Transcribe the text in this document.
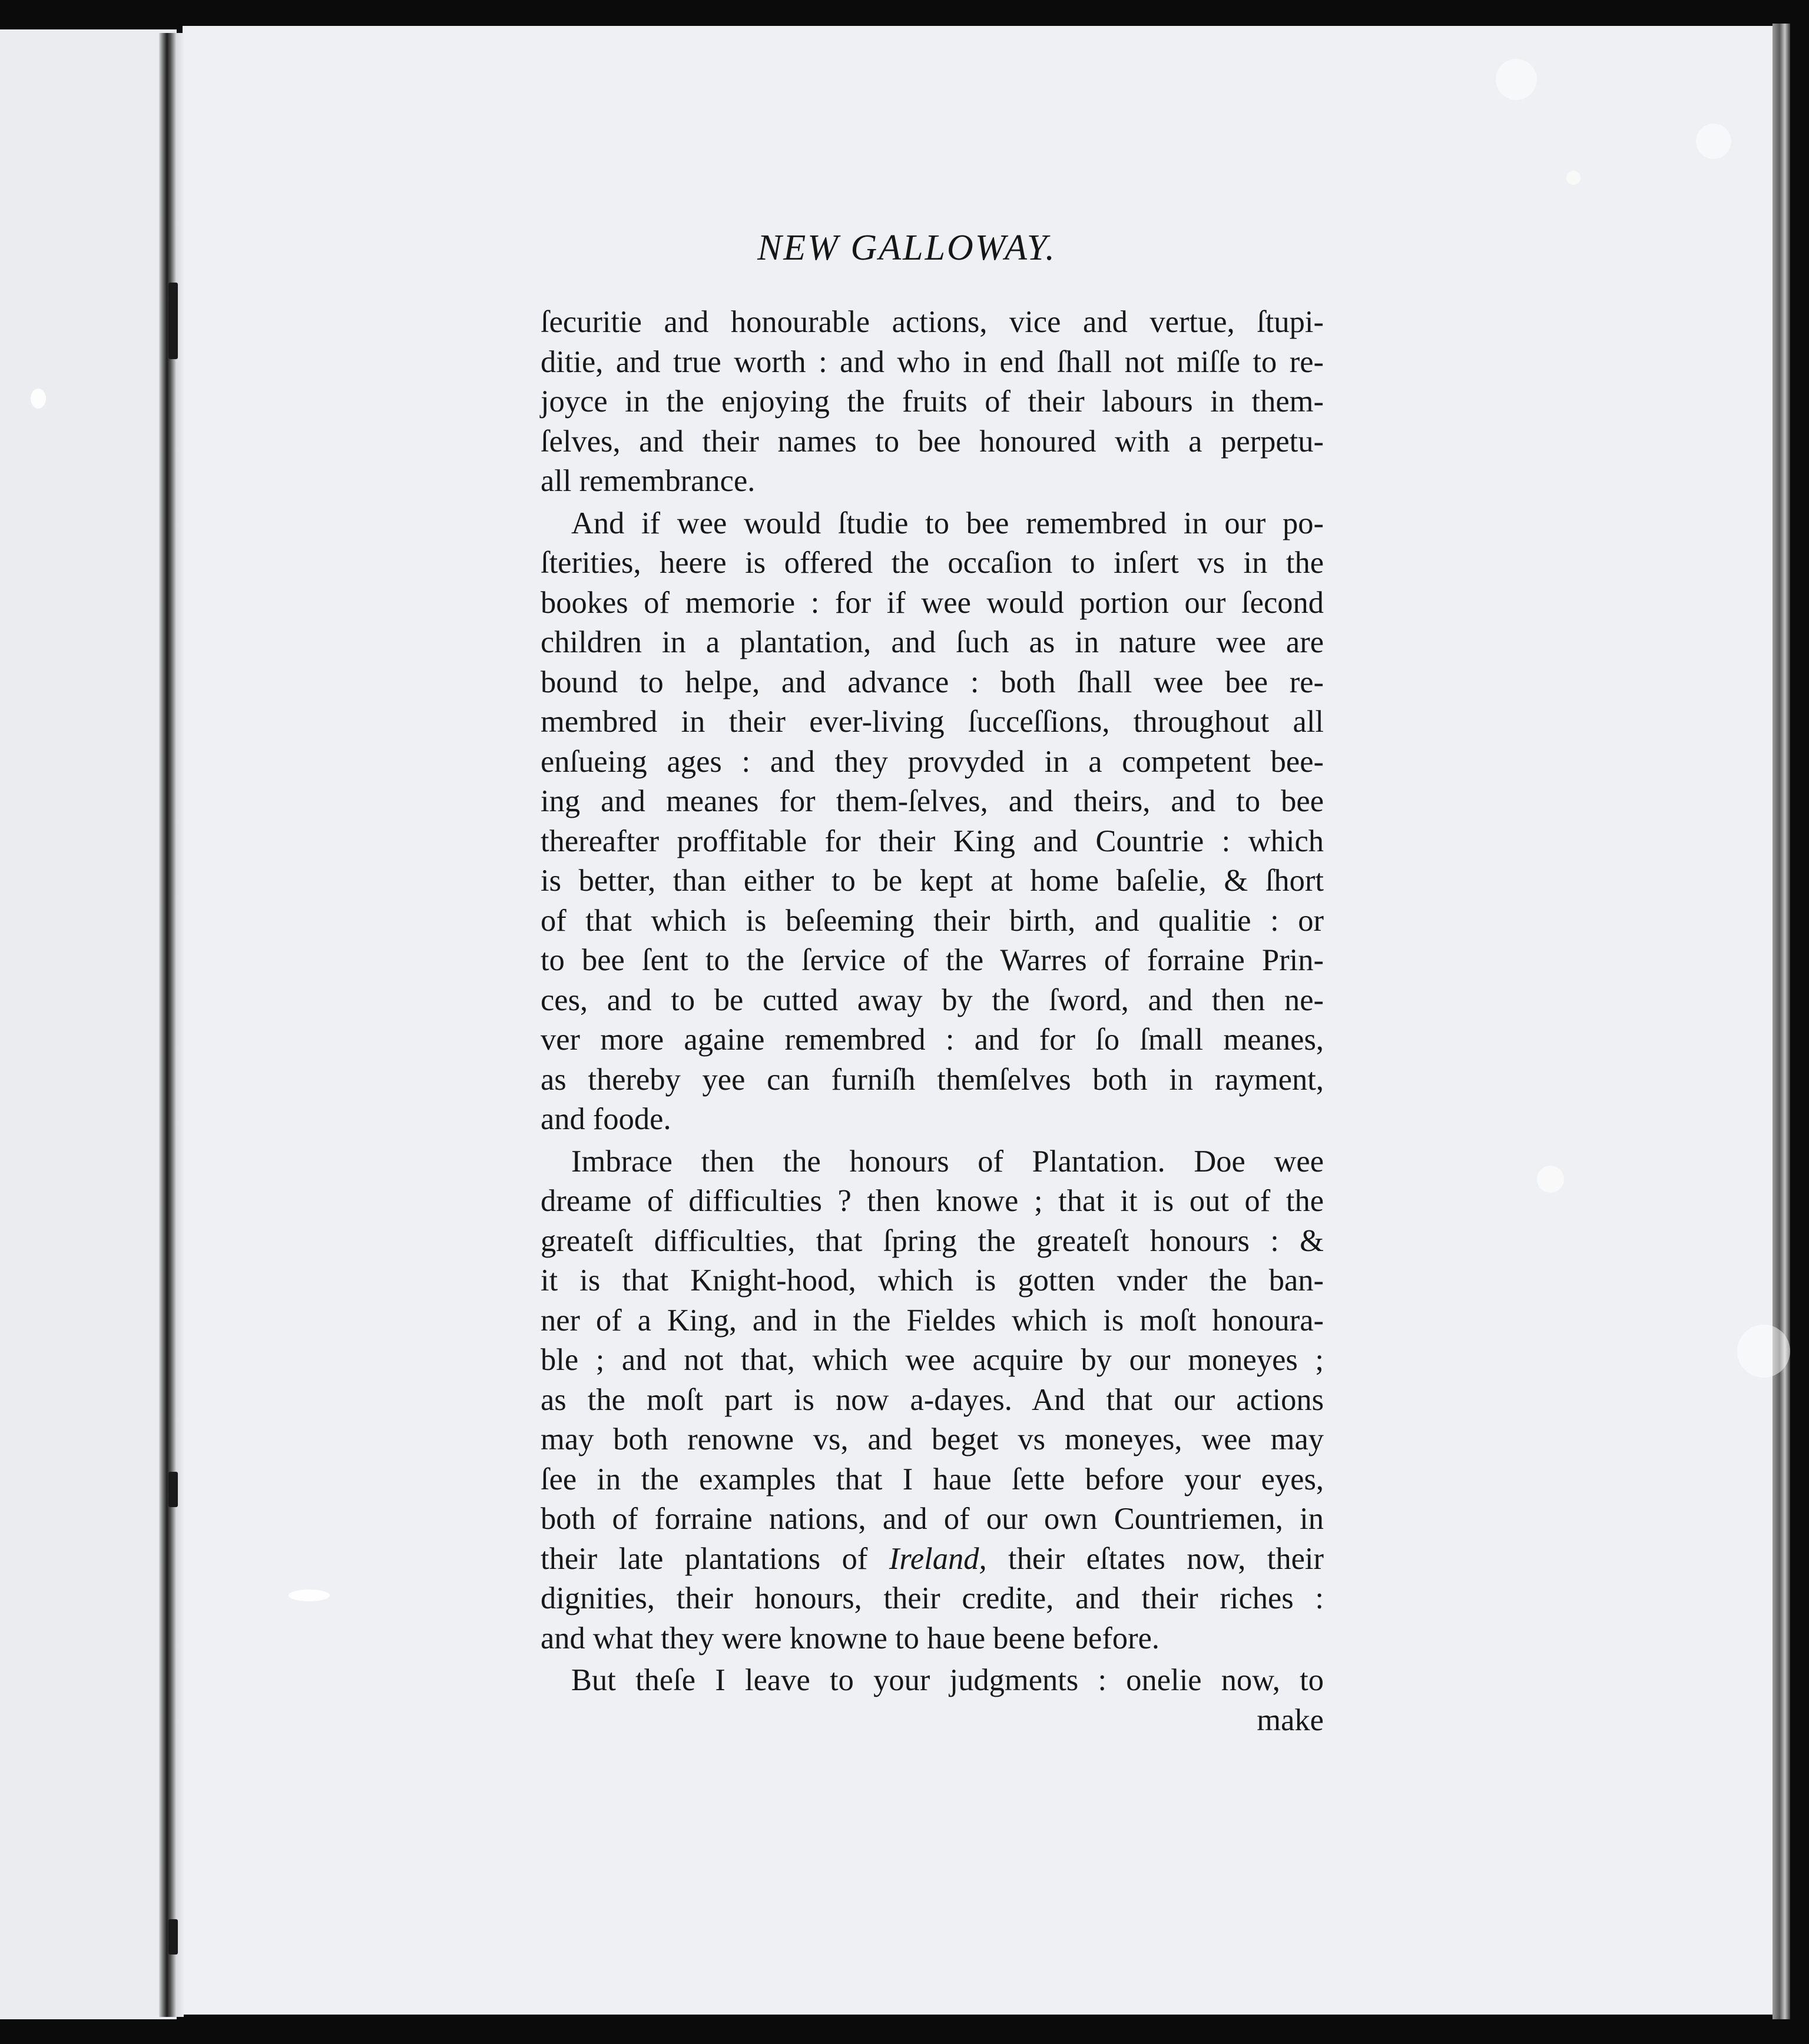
NEW GALLOWAY.
ſecuritie and honourable actions, vice and vertue, ſtupi-
ditie, and true worth : and who in end ſhall not miſſe to re-
joyce in the enjoying the fruits of their labours in them-
ſelves, and their names to bee honoured with a perpetu-
all remembrance.
And if wee would ſtudie to bee remembred in our po-
ſterities, heere is offered the occaſion to inſert vs in the
bookes of memorie : for if wee would portion our ſecond
children in a plantation, and ſuch as in nature wee are
bound to helpe, and advance : both ſhall wee bee re-
membred in their ever-living ſucceſſions, throughout all
enſueing ages : and they provyded in a competent bee-
ing and meanes for them-ſelves, and theirs, and to bee
thereafter proffitable for their King and Countrie : which
is better, than either to be kept at home baſelie, & ſhort
of that which is beſeeming their birth, and qualitie : or
to bee ſent to the ſervice of the Warres of forraine Prin-
ces, and to be cutted away by the ſword, and then ne-
ver more againe remembred : and for ſo ſmall meanes,
as thereby yee can furniſh themſelves both in rayment,
and foode.
Imbrace then the honours of Plantation. Doe wee
dreame of difficulties ? then knowe ; that it is out of the
greateſt difficulties, that ſpring the greateſt honours : &
it is that Knight-hood, which is gotten vnder the ban-
ner of a King, and in the Fieldes which is moſt honoura-
ble ; and not that, which wee acquire by our moneyes ;
as the moſt part is now a-dayes. And that our actions
may both renowne vs, and beget vs moneyes, wee may
ſee in the examples that I haue ſette before your eyes,
both of forraine nations, and of our own Countriemen, in
their late plantations of Ireland, their eſtates now, their
dignities, their honours, their credite, and their riches :
and what they were knowne to haue beene before.
But theſe I leave to your judgments : onelie now, to
make
